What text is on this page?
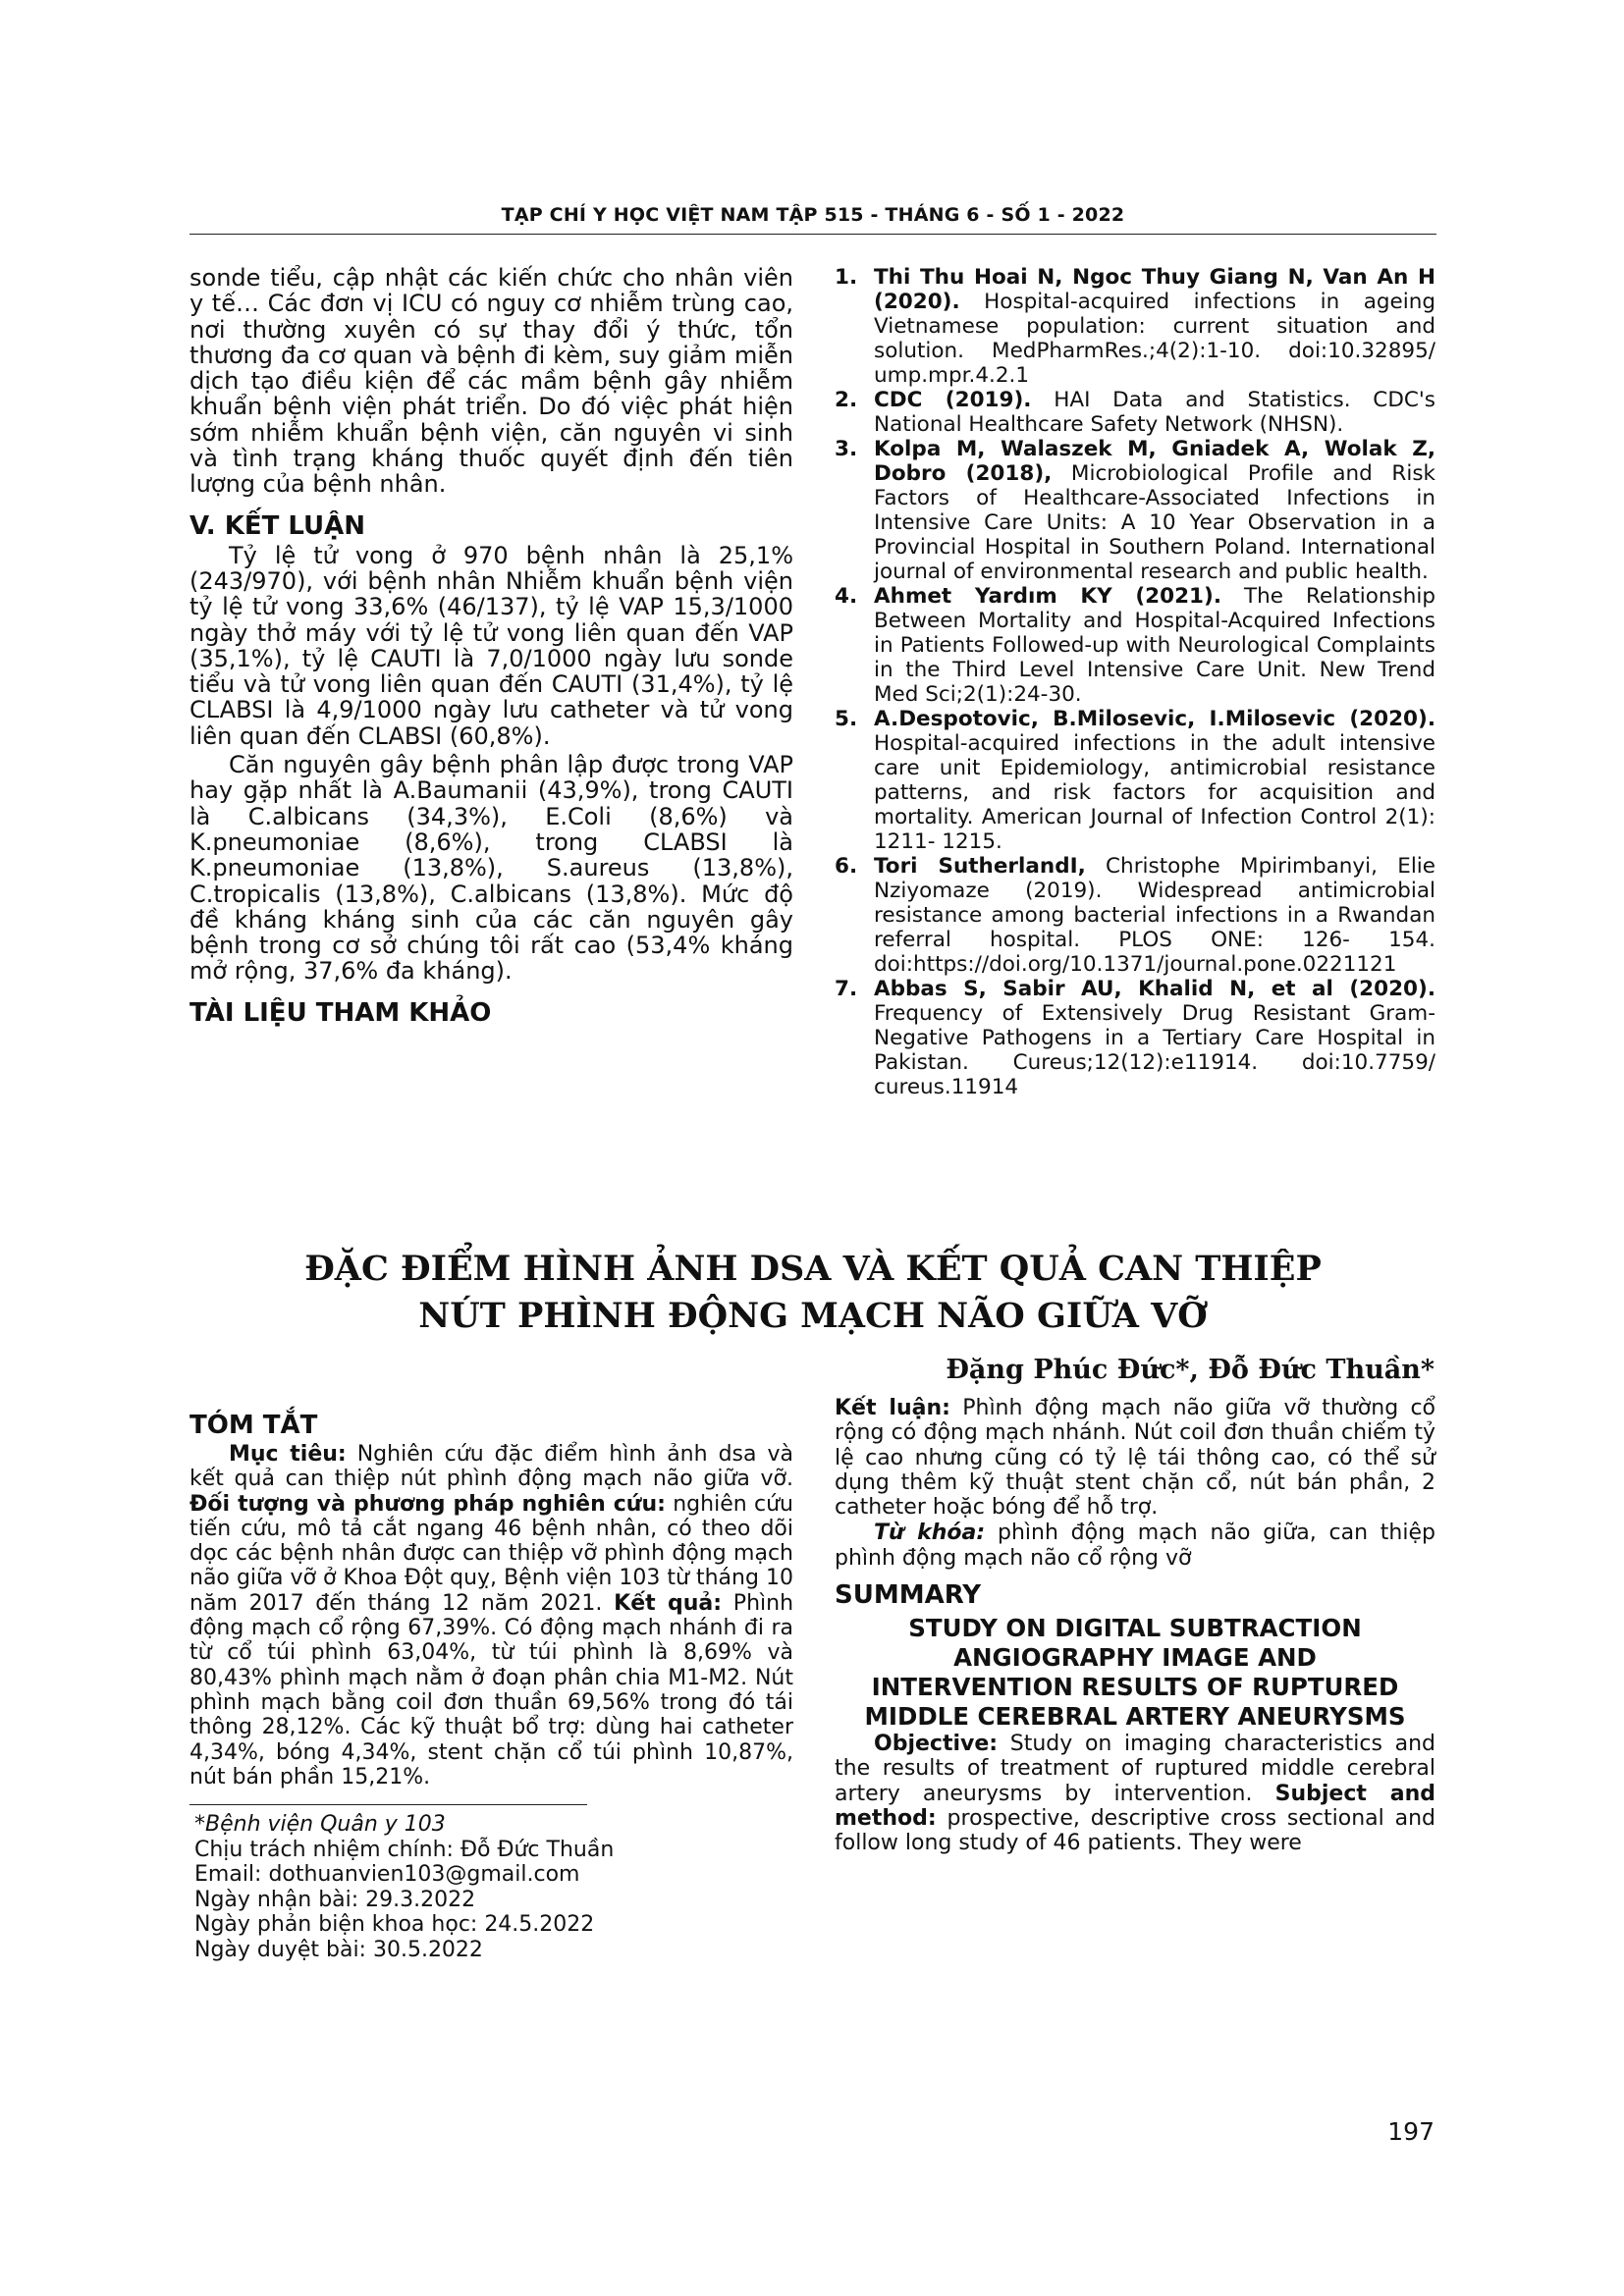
TẠP CHÍ Y HỌC VIỆT NAM TẬP 515 - THÁNG 6 - SỐ 1 - 2022

sonde tiểu, cập nhật các kiến chức cho nhân viên y tế… Các đơn vị ICU có nguy cơ nhiễm trùng cao, nơi thường xuyên có sự thay đổi ý thức, tổn thương đa cơ quan và bệnh đi kèm, suy giảm miễn dịch tạo điều kiện để các mầm bệnh gây nhiễm khuẩn bệnh viện phát triển. Do đó việc phát hiện sớm nhiễm khuẩn bệnh viện, căn nguyên vi sinh và tình trạng kháng thuốc quyết định đến tiên lượng của bệnh nhân.

V. KẾT LUẬN

Tỷ lệ tử vong ở 970 bệnh nhân là 25,1% (243/970), với bệnh nhân Nhiễm khuẩn bệnh viện tỷ lệ tử vong 33,6% (46/137), tỷ lệ VAP 15,3/1000 ngày thở máy với tỷ lệ tử vong liên quan đến VAP (35,1%), tỷ lệ CAUTI là 7,0/1000 ngày lưu sonde tiểu và tử vong liên quan đến CAUTI (31,4%), tỷ lệ CLABSI là 4,9/1000 ngày lưu catheter và tử vong liên quan đến CLABSI (60,8%).

Căn nguyên gây bệnh phân lập được trong VAP hay gặp nhất là A.Baumanii (43,9%), trong CAUTI là C.albicans (34,3%), E.Coli (8,6%) và K.pneumoniae (8,6%), trong CLABSI là K.pneumoniae (13,8%), S.aureus (13,8%), C.tropicalis (13,8%), C.albicans (13,8%). Mức độ đề kháng kháng sinh của các căn nguyên gây bệnh trong cơ sở chúng tôi rất cao (53,4% kháng mở rộng, 37,6% đa kháng).

TÀI LIỆU THAM KHẢO
1. Thi Thu Hoai N, Ngoc Thuy Giang N, Van An H (2020). Hospital-acquired infections in ageing Vietnamese population: current situation and solution. MedPharmRes.;4(2):1-10. doi:10.32895/ ump.mpr.4.2.1
2. CDC (2019). HAI Data and Statistics. CDC's National Healthcare Safety Network (NHSN).
3. Kolpa M, Walaszek M, Gniadek A, Wolak Z, Dobro (2018), Microbiological Profile and Risk Factors of Healthcare-Associated Infections in Intensive Care Units: A 10 Year Observation in a Provincial Hospital in Southern Poland. International journal of environmental research and public health.
4. Ahmet Yardım KY (2021). The Relationship Between Mortality and Hospital-Acquired Infections in Patients Followed-up with Neurological Complaints in the Third Level Intensive Care Unit. New Trend Med Sci;2(1):24-30.
5. A.Despotovic, B.Milosevic, I.Milosevic (2020). Hospital-acquired infections in the adult intensive care unit Epidemiology, antimicrobial resistance patterns, and risk factors for acquisition and mortality. American Journal of Infection Control 2(1): 1211- 1215.
6. Tori SutherlandI, Christophe Mpirimbanyi, Elie Nziyomaze (2019). Widespread antimicrobial resistance among bacterial infections in a Rwandan referral hospital. PLOS ONE: 126- 154. doi:https://doi.org/10.1371/journal.pone.0221121
7. Abbas S, Sabir AU, Khalid N, et al (2020). Frequency of Extensively Drug Resistant Gram-Negative Pathogens in a Tertiary Care Hospital in Pakistan. Cureus;12(12):e11914. doi:10.7759/ cureus.11914
ĐẶC ĐIỂM HÌNH ẢNH DSA VÀ KẾT QUẢ CAN THIỆP
NÚT PHÌNH ĐỘNG MẠCH NÃO GIỮA VỠ
Đặng Phúc Đức*, Đỗ Đức Thuần*
TÓM TẮT

Mục tiêu: Nghiên cứu đặc điểm hình ảnh dsa và kết quả can thiệp nút phình động mạch não giữa vỡ. Đối tượng và phương pháp nghiên cứu: nghiên cứu tiến cứu, mô tả cắt ngang 46 bệnh nhân, có theo dõi dọc các bệnh nhân được can thiệp vỡ phình động mạch não giữa vỡ ở Khoa Đột quỵ, Bệnh viện 103 từ tháng 10 năm 2017 đến tháng 12 năm 2021. Kết quả: Phình động mạch cổ rộng 67,39%. Có động mạch nhánh đi ra từ cổ túi phình 63,04%, từ túi phình là 8,69% và 80,43% phình mạch nằm ở đoạn phân chia M1-M2. Nút phình mạch bằng coil đơn thuần 69,56% trong đó tái thông 28,12%. Các kỹ thuật bổ trợ: dùng hai catheter 4,34%, bóng 4,34%, stent chặn cổ túi phình 10,87%, nút bán phần 15,21%.

*Bệnh viện Quân y 103
Chịu trách nhiệm chính: Đỗ Đức Thuần
Email: dothuanvien103@gmail.com
Ngày nhận bài: 29.3.2022
Ngày phản biện khoa học: 24.5.2022
Ngày duyệt bài: 30.5.2022

Kết luận: Phình động mạch não giữa vỡ thường cổ rộng có động mạch nhánh. Nút coil đơn thuần chiếm tỷ lệ cao nhưng cũng có tỷ lệ tái thông cao, có thể sử dụng thêm kỹ thuật stent chặn cổ, nút bán phần, 2 catheter hoặc bóng để hỗ trợ.

Từ khóa: phình động mạch não giữa, can thiệp phình động mạch não cổ rộng vỡ

SUMMARY
STUDY ON DIGITAL SUBTRACTION
ANGIOGRAPHY IMAGE AND
INTERVENTION RESULTS OF RUPTURED
MIDDLE CEREBRAL ARTERY ANEURYSMS

Objective: Study on imaging characteristics and the results of treatment of ruptured middle cerebral artery aneurysms by intervention. Subject and method: prospective, descriptive cross sectional and follow long study of 46 patients. They were

197
